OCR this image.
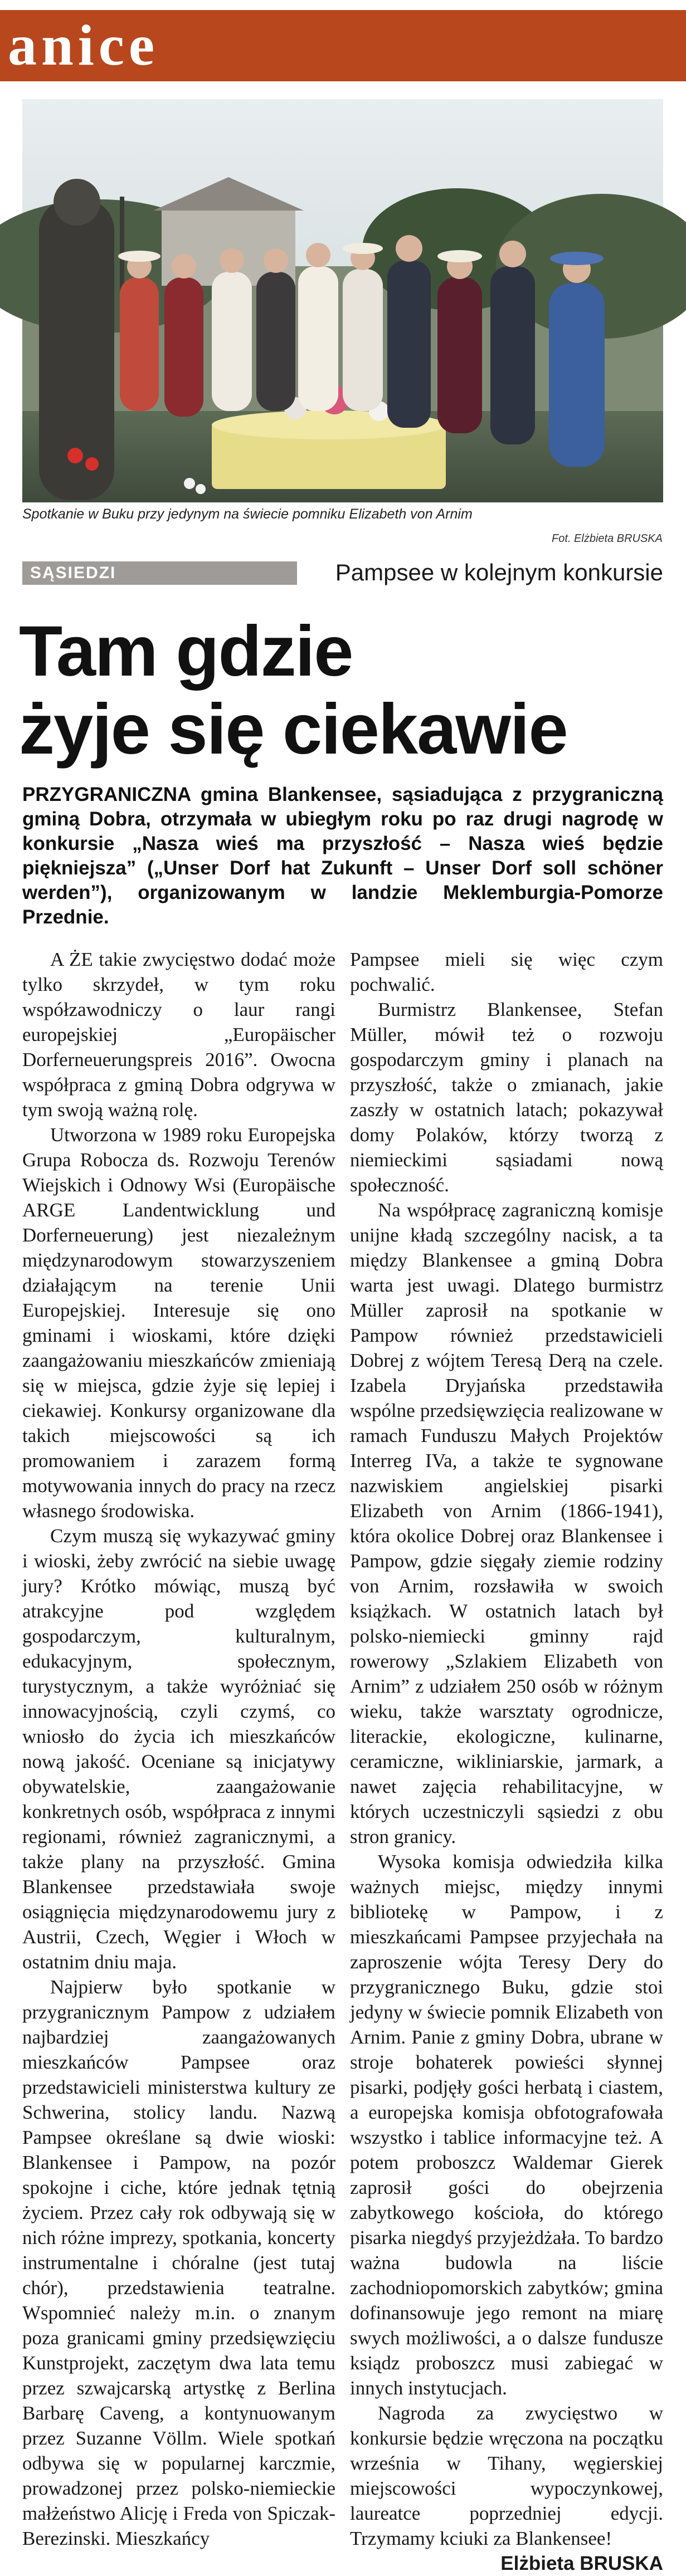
anice
Spotkanie w Buku przy jedynym na świecie pomniku Elizabeth von Arnim
Fot. Elżbieta BRUSKA
SĄSIEDZI	Pampsee w kolejnym konkursie
Tam gdzie
żyje się ciekawie
PRZYGRANICZNA gmina Blankensee, sąsiadująca z przygraniczną gminą Dobra, otrzymała w ubiegłym roku po raz drugi nagrodę w konkursie „Nasza wieś ma przyszłość – Nasza wieś będzie piękniejsza” („Unser Dorf hat Zukunft – Unser Dorf soll schöner werden”), organizowanym w landzie Meklemburgia-Pomorze Przednie.

A ŻE takie zwycięstwo dodać może tylko skrzydeł, w tym roku współzawodniczy o laur rangi europejskiej „Europäischer Dorferneuerungspreis 2016”. Owocna współpraca z gminą Dobra odgrywa w tym swoją ważną rolę.

Utworzona w 1989 roku Europejska Grupa Robocza ds. Rozwoju Terenów Wiejskich i Odnowy Wsi (Europäische ARGE Landentwicklung und Dorferneuerung) jest niezależnym międzynarodowym stowarzyszeniem działającym na terenie Unii Europejskiej. Interesuje się ono gminami i wioskami, które dzięki zaangażowaniu mieszkańców zmieniają się w miejsca, gdzie żyje się lepiej i ciekawiej. Konkursy organizowane dla takich miejscowości są ich promowaniem i zarazem formą motywowania innych do pracy na rzecz własnego środowiska.

Czym muszą się wykazywać gminy i wioski, żeby zwrócić na siebie uwagę jury? Krótko mówiąc, muszą być atrakcyjne pod względem gospodarczym, kulturalnym, edukacyjnym, społecznym, turystycznym, a także wyróżniać się innowacyjnością, czyli czymś, co wniosło do życia ich mieszkańców nową jakość. Oceniane są inicjatywy obywatelskie, zaangażowanie konkretnych osób, współpraca z innymi regionami, również zagranicznymi, a także plany na przyszłość. Gmina Blankensee przedstawiała swoje osiągnięcia międzynarodowemu jury z Austrii, Czech, Węgier i Włoch w ostatnim dniu maja.

Najpierw było spotkanie w przygranicznym Pampow z udziałem najbardziej zaangażowanych mieszkańców Pampsee oraz przedstawicieli ministerstwa kultury ze Schwerina, stolicy landu. Nazwą Pampsee określane są dwie wioski: Blankensee i Pampow, na pozór spokojne i ciche, które jednak tętnią życiem. Przez cały rok odbywają się w nich różne imprezy, spotkania, koncerty instrumentalne i chóralne (jest tutaj chór), przedstawienia teatralne. Wspomnieć należy m.in. o znanym poza granicami gminy przedsięwzięciu Kunstprojekt, zaczętym dwa lata temu przez szwajcarską artystkę z Berlina Barbarę Caveng, a kontynuowanym przez Suzanne Völlm. Wiele spotkań odbywa się w popularnej karczmie, prowadzonej przez polsko-niemieckie małżeństwo Alicję i Freda von Spiczak-Berezinski. Mieszkańcy

Pampsee mieli się więc czym pochwalić.

Burmistrz Blankensee, Stefan Müller, mówił też o rozwoju gospodarczym gminy i planach na przyszłość, także o zmianach, jakie zaszły w ostatnich latach; pokazywał domy Polaków, którzy tworzą z niemieckimi sąsiadami nową społeczność.

Na współpracę zagraniczną komisje unijne kładą szczególny nacisk, a ta między Blankensee a gminą Dobra warta jest uwagi. Dlatego burmistrz Müller zaprosił na spotkanie w Pampow również przedstawicieli Dobrej z wójtem Teresą Derą na czele. Izabela Dryjańska przedstawiła wspólne przedsięwzięcia realizowane w ramach Funduszu Małych Projektów Interreg IVa, a także te sygnowane nazwiskiem angielskiej pisarki Elizabeth von Arnim (1866-1941), która okolice Dobrej oraz Blankensee i Pampow, gdzie sięgały ziemie rodziny von Arnim, rozsławiła w swoich książkach. W ostatnich latach był polsko-niemiecki gminny rajd rowerowy „Szlakiem Elizabeth von Arnim” z udziałem 250 osób w różnym wieku, także warsztaty ogrodnicze, literackie, ekologiczne, kulinarne, ceramiczne, wikliniarskie, jarmark, a nawet zajęcia rehabilitacyjne, w których uczestniczyli sąsiedzi z obu stron granicy.

Wysoka komisja odwiedziła kilka ważnych miejsc, między innymi bibliotekę w Pampow, i z mieszkańcami Pampsee przyjechała na zaproszenie wójta Teresy Dery do przygranicznego Buku, gdzie stoi jedyny w świecie pomnik Elizabeth von Arnim. Panie z gminy Dobra, ubrane w stroje bohaterek powieści słynnej pisarki, podjęły gości herbatą i ciastem, a europejska komisja obfotografowała wszystko i tablice informacyjne też. A potem proboszcz Waldemar Gierek zaprosił gości do obejrzenia zabytkowego kościoła, do którego pisarka niegdyś przyjeżdżała. To bardzo ważna budowla na liście zachodniopomorskich zabytków; gmina dofinansowuje jego remont na miarę swych możliwości, a o dalsze fundusze ksiądz proboszcz musi zabiegać w innych instytucjach.

Nagroda za zwycięstwo w konkursie będzie wręczona na początku września w Tihany, węgierskiej miejscowości wypoczynkowej, laureatce poprzedniej edycji. Trzymamy kciuki za Blankensee!

Elżbieta BRUSKA
